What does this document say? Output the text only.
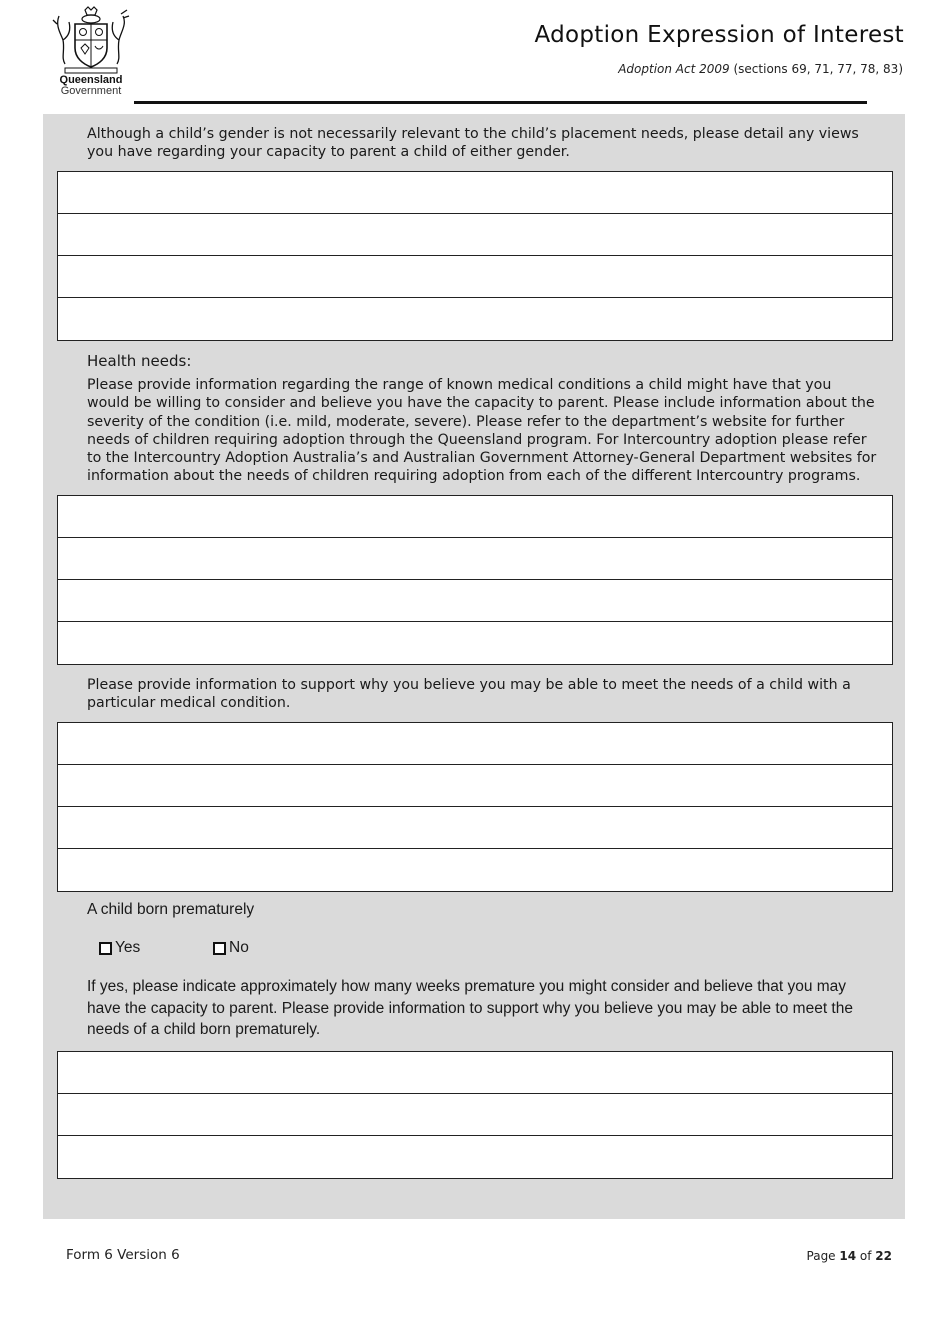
Queensland
Government
Adoption Expression of Interest
Adoption Act 2009 (sections 69, 71, 77, 78, 83)
Although a child’s gender is not necessarily relevant to the child’s placement needs, please detail any views you have regarding your capacity to parent a child of either gender.
Health needs:
Please provide information regarding the range of known medical conditions a child might have that you would be willing to consider and believe you have the capacity to parent. Please include information about the severity of the condition (i.e. mild, moderate, severe). Please refer to the department’s website for further needs of children requiring adoption through the Queensland program. For Intercountry adoption please refer to the Intercountry Adoption Australia’s and Australian Government Attorney-General Department websites for information about the needs of children requiring adoption from each of the different Intercountry programs.
Please provide information to support why you believe you may be able to meet the needs of a child with a particular medical condition.
A child born prematurely
Yes	No
If yes, please indicate approximately how many weeks premature you might consider and believe that you may have the capacity to parent. Please provide information to support why you believe you may be able to meet the needs of a child born prematurely.
Form 6 Version 6	Page 14 of 22
